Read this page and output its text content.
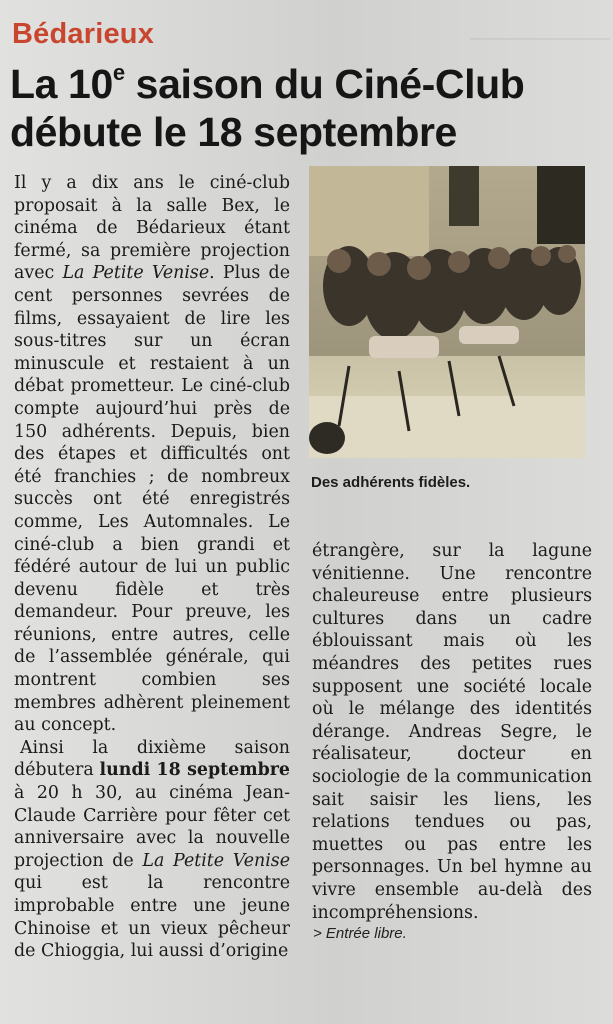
Bédarieux
La 10e saison du Ciné-Club
débute le 18 septembre

Il y a dix ans le ciné-club proposait à la salle Bex, le cinéma de Bédarieux étant fermé, sa première projection avec La Petite Venise. Plus de cent personnes sevrées de films, essayaient de lire les sous-titres sur un écran minuscule et restaient à un débat prometteur. Le ciné-club compte aujourd’hui près de 150 adhérents. Depuis, bien des étapes et difficultés ont été franchies ; de nombreux succès ont été enregistrés comme, Les Automnales. Le ciné-club a bien grandi et fédéré autour de lui un public devenu fidèle et très demandeur. Pour preuve, les réunions, entre autres, celle de l’assemblée générale, qui montrent combien ses membres adhèrent pleinement au concept.

Ainsi la dixième saison débutera lundi 18 septembre à 20 h 30, au cinéma Jean-Claude Carrière pour fêter cet anniversaire avec la nouvelle projection de La Petite Venise qui est la rencontre improbable entre une jeune Chinoise et un vieux pêcheur de Chioggia, lui aussi d’origine

Des adhérents fidèles.

étrangère, sur la lagune vénitienne. Une rencontre chaleureuse entre plusieurs cultures dans un cadre éblouissant mais où les méandres des petites rues supposent une société locale où le mélange des identités dérange. Andreas Segre, le réalisateur, docteur en sociologie de la communication sait saisir les liens, les relations tendues ou pas, muettes ou pas entre les personnages. Un bel hymne au vivre ensemble au-delà des incompréhensions.

> Entrée libre.
